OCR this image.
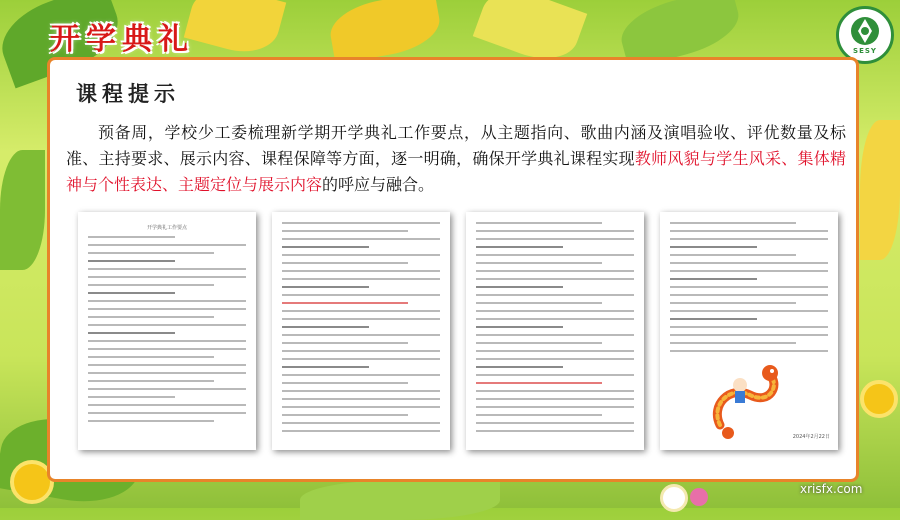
开学典礼	SESY
课程提示
预备周，学校少工委梳理新学期开学典礼工作要点，从主题指向、歌曲内涵及演唱验收、评优数量及标准、主持要求、展示内容、课程保障等方面，逐一明确，确保开学典礼课程实现教师风貌与学生风采、集体精神与个性表达、主题定位与展示内容的呼应与融合。
开学典礼工作要点
2024年2月22日
xrisfx.com
